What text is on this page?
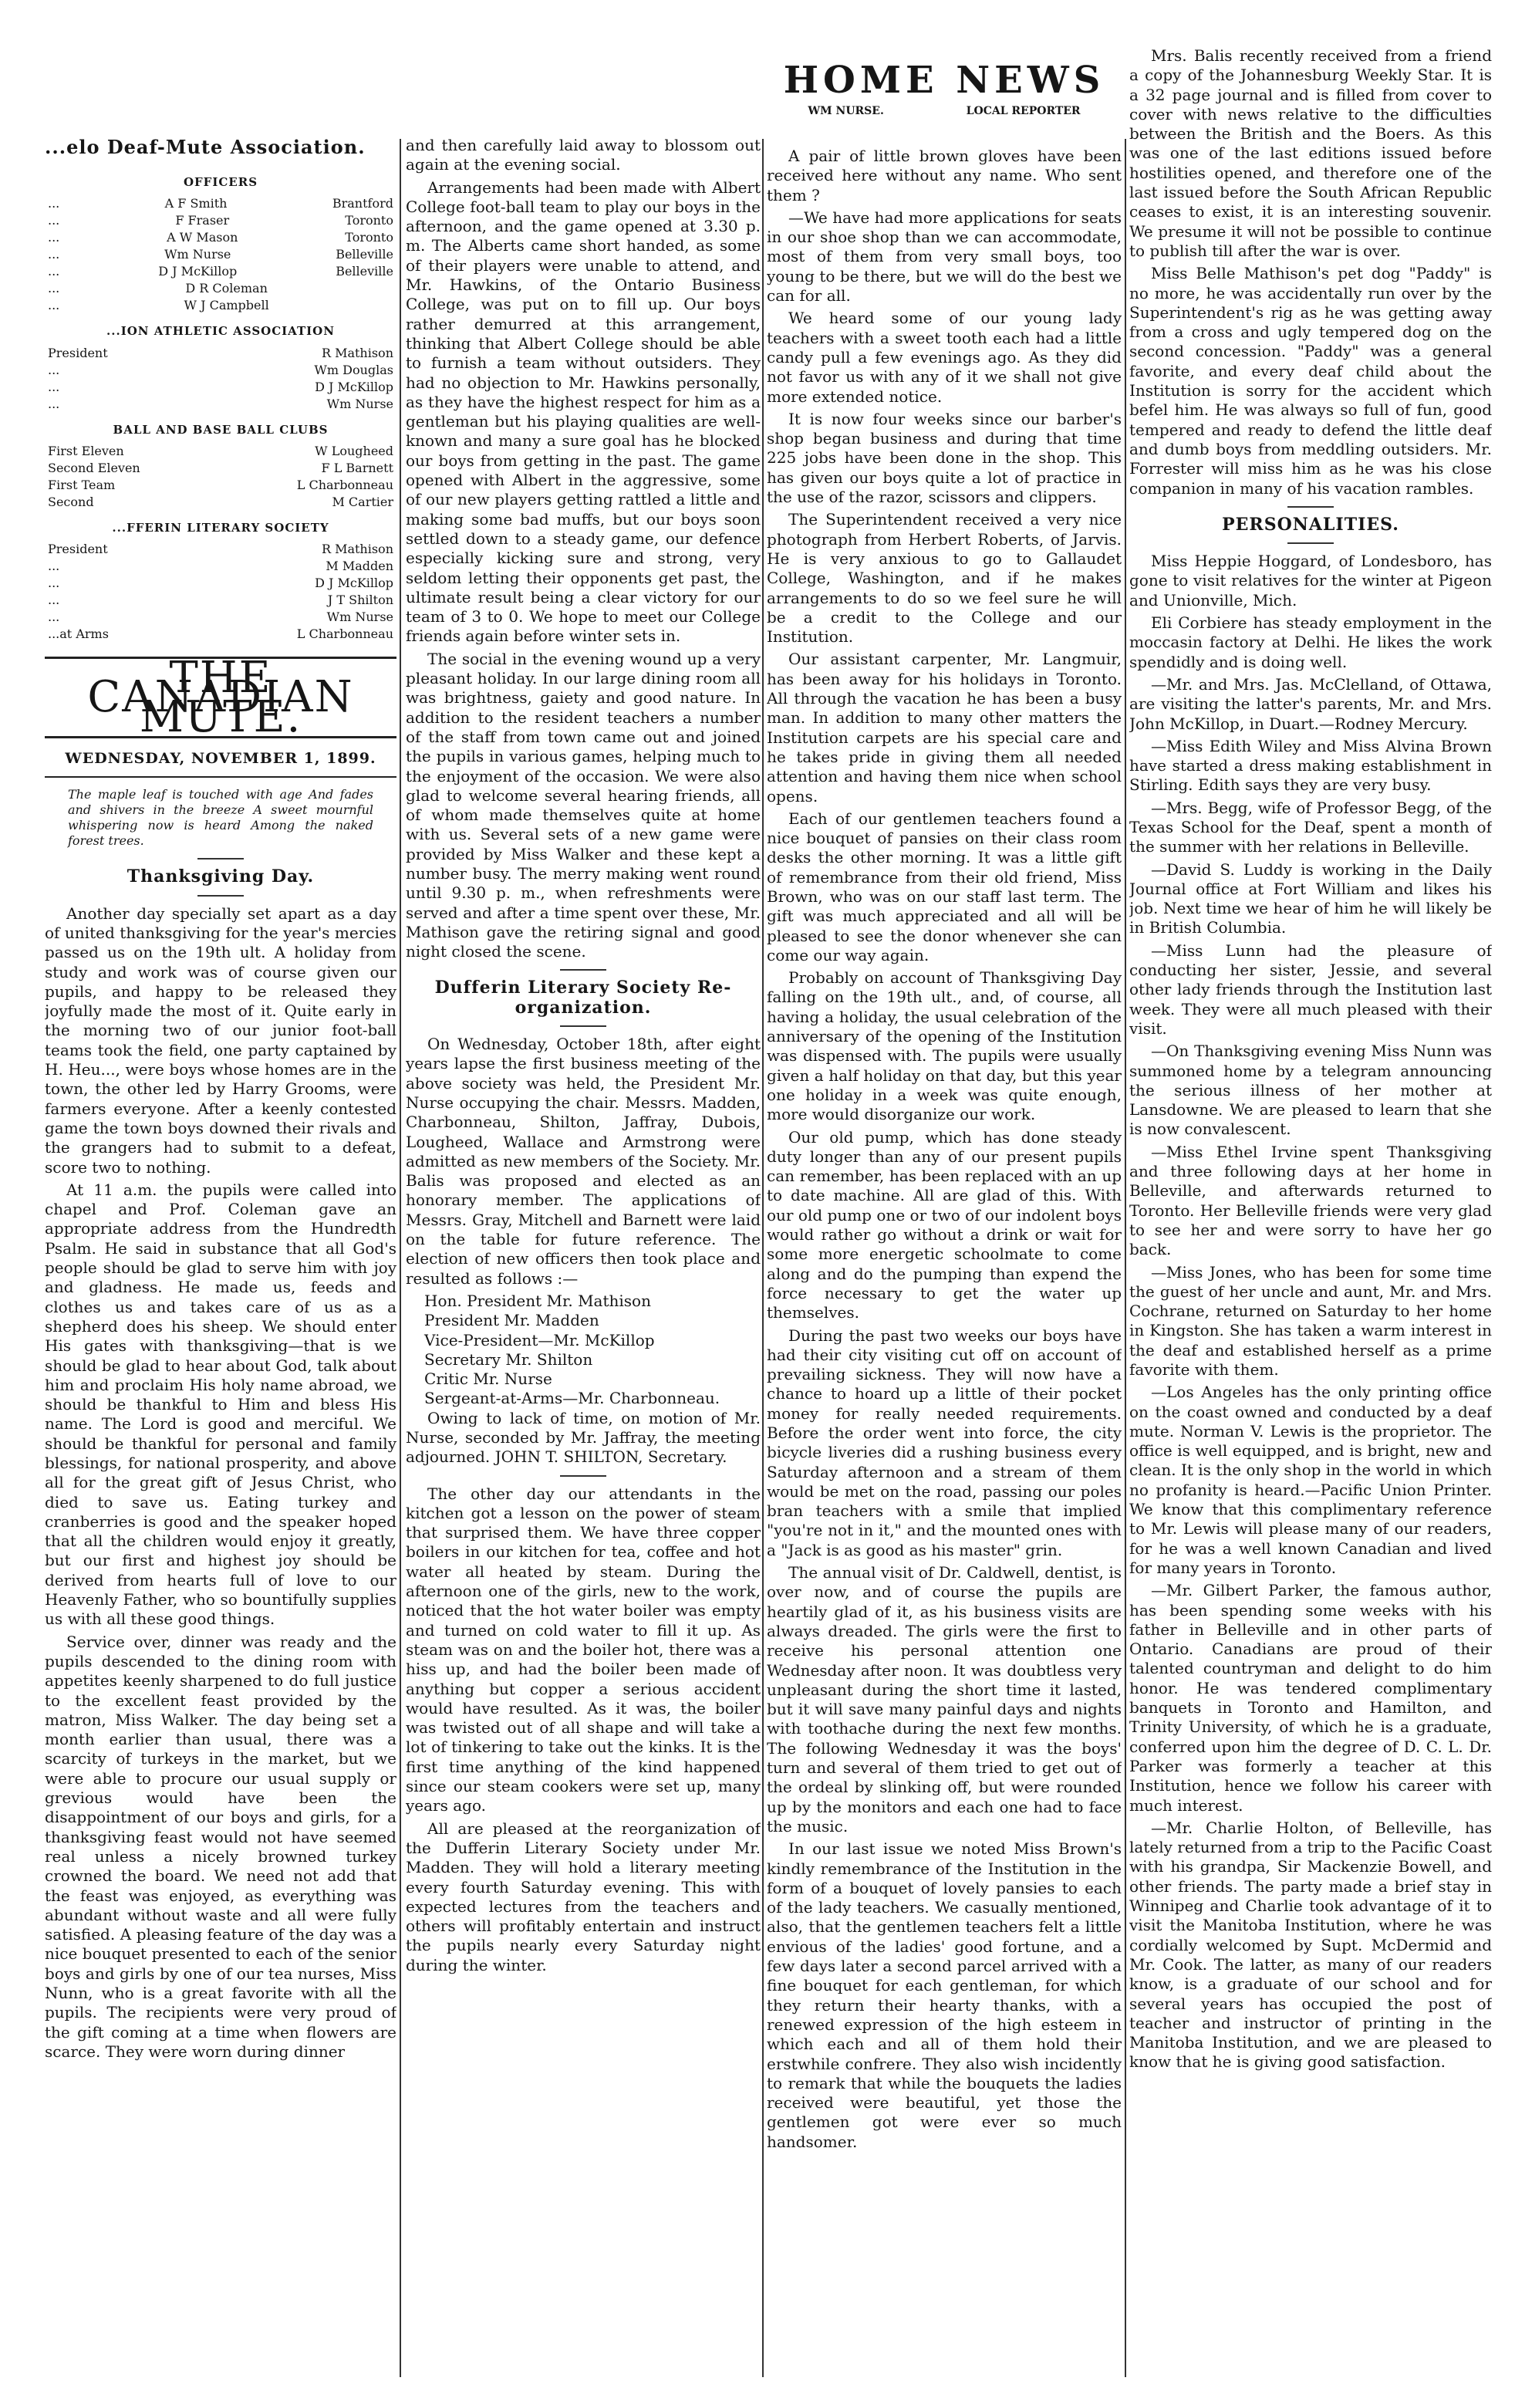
...elo Deaf-Mute Association.
OFFICERS
...	A F Smith	Brantford
...	F Fraser	Toronto
...	A W Mason	Toronto
...	Wm Nurse	Belleville
...	D J McKillop	Belleville
...	D R Coleman
...	W J Campbell
...ION ATHLETIC ASSOCIATION
President	R Mathison
...	Wm Douglas
...	D J McKillop
...	Wm Nurse
BALL AND BASE BALL CLUBS
First Eleven	W Lougheed
Second Eleven	F L Barnett
First Team	L Charbonneau
Second	M Cartier
...FFERIN LITERARY SOCIETY
President	R Mathison
...	M Madden
...	D J McKillop
...	J T Shilton
...	Wm Nurse
...at Arms	L Charbonneau
THE CANADIAN MUTE.
WEDNESDAY, NOVEMBER 1, 1899.
The maple leaf is touched with age And fades and shivers in the breeze A sweet mournful whispering now is heard Among the naked forest trees.
Thanksgiving Day.

Another day specially set apart as a day of united thanksgiving for the year's mercies passed us on the 19th ult. A holiday from study and work was of course given our pupils, and happy to be released they joyfully made the most of it. Quite early in the morning two of our junior foot-ball teams took the field, one party captained by H. Heu..., were boys whose homes are in the town, the other led by Harry Grooms, were farmers everyone. After a keenly contested game the town boys downed their rivals and the grangers had to submit to a defeat, score two to nothing.

At 11 a.m. the pupils were called into chapel and Prof. Coleman gave an appropriate address from the Hundredth Psalm. He said in substance that all God's people should be glad to serve him with joy and gladness. He made us, feeds and clothes us and takes care of us as a shepherd does his sheep. We should enter His gates with thanksgiving—that is we should be glad to hear about God, talk about him and proclaim His holy name abroad, we should be thankful to Him and bless His name. The Lord is good and merciful. We should be thankful for personal and family blessings, for national prosperity, and above all for the great gift of Jesus Christ, who died to save us. Eating turkey and cranberries is good and the speaker hoped that all the children would enjoy it greatly, but our first and highest joy should be derived from hearts full of love to our Heavenly Father, who so bountifully supplies us with all these good things.

Service over, dinner was ready and the pupils descended to the dining room with appetites keenly sharpened to do full justice to the excellent feast provided by the matron, Miss Walker. The day being set a month earlier than usual, there was a scarcity of turkeys in the market, but we were able to procure our usual supply or grevious would have been the disappointment of our boys and girls, for a thanksgiving feast would not have seemed real unless a nicely browned turkey crowned the board. We need not add that the feast was enjoyed, as everything was abundant without waste and all were fully satisfied. A pleasing feature of the day was a nice bouquet presented to each of the senior boys and girls by one of our tea nurses, Miss Nunn, who is a great favorite with all the pupils. The recipients were very proud of the gift coming at a time when flowers are scarce. They were worn during dinner

and then carefully laid away to blossom out again at the evening social.

Arrangements had been made with Albert College foot-ball team to play our boys in the afternoon, and the game opened at 3.30 p. m. The Alberts came short handed, as some of their players were unable to attend, and Mr. Hawkins, of the Ontario Business College, was put on to fill up. Our boys rather demurred at this arrangement, thinking that Albert College should be able to furnish a team without outsiders. They had no objection to Mr. Hawkins personally, as they have the highest respect for him as a gentleman but his playing qualities are well-known and many a sure goal has he blocked our boys from getting in the past. The game opened with Albert in the aggressive, some of our new players getting rattled a little and making some bad muffs, but our boys soon settled down to a steady game, our defence especially kicking sure and strong, very seldom letting their opponents get past, the ultimate result being a clear victory for our team of 3 to 0. We hope to meet our College friends again before winter sets in.

The social in the evening wound up a very pleasant holiday. In our large dining room all was brightness, gaiety and good nature. In addition to the resident teachers a number of the staff from town came out and joined the pupils in various games, helping much to the enjoyment of the occasion. We were also glad to welcome several hearing friends, all of whom made themselves quite at home with us. Several sets of a new game were provided by Miss Walker and these kept a number busy. The merry making went round until 9.30 p. m., when refreshments were served and after a time spent over these, Mr. Mathison gave the retiring signal and good night closed the scene.

Dufferin Literary Society Re-organization.

On Wednesday, October 18th, after eight years lapse the first business meeting of the above society was held, the President Mr. Nurse occupying the chair. Messrs. Madden, Charbonneau, Shilton, Jaffray, Dubois, Lougheed, Wallace and Armstrong were admitted as new members of the Society. Mr. Balis was proposed and elected as an honorary member. The applications of Messrs. Gray, Mitchell and Barnett were laid on the table for future reference. The election of new officers then took place and resulted as follows :—

Hon. President Mr. Mathison
President Mr. Madden
Vice-President—Mr. McKillop
Secretary Mr. Shilton
Critic Mr. Nurse
Sergeant-at-Arms—Mr. Charbonneau.

Owing to lack of time, on motion of Mr. Nurse, seconded by Mr. Jaffray, the meeting adjourned. JOHN T. SHILTON, Secretary.

The other day our attendants in the kitchen got a lesson on the power of steam that surprised them. We have three copper boilers in our kitchen for tea, coffee and hot water all heated by steam. During the afternoon one of the girls, new to the work, noticed that the hot water boiler was empty and turned on cold water to fill it up. As steam was on and the boiler hot, there was a hiss up, and had the boiler been made of anything but copper a serious accident would have resulted. As it was, the boiler was twisted out of all shape and will take a lot of tinkering to take out the kinks. It is the first time anything of the kind happened since our steam cookers were set up, many years ago.

All are pleased at the reorganization of the Dufferin Literary Society under Mr. Madden. They will hold a literary meeting every fourth Saturday evening. This with expected lectures from the teachers and others will profitably entertain and instruct the pupils nearly every Saturday night during the winter.

HOME NEWS
WM NURSE.	LOCAL REPORTER

A pair of little brown gloves have been received here without any name. Who sent them ?

—We have had more applications for seats in our shoe shop than we can accommodate, most of them from very small boys, too young to be there, but we will do the best we can for all.

We heard some of our young lady teachers with a sweet tooth each had a little candy pull a few evenings ago. As they did not favor us with any of it we shall not give more extended notice.

It is now four weeks since our barber's shop began business and during that time 225 jobs have been done in the shop. This has given our boys quite a lot of practice in the use of the razor, scissors and clippers.

The Superintendent received a very nice photograph from Herbert Roberts, of Jarvis. He is very anxious to go to Gallaudet College, Washington, and if he makes arrangements to do so we feel sure he will be a credit to the College and our Institution.

Our assistant carpenter, Mr. Langmuir, has been away for his holidays in Toronto. All through the vacation he has been a busy man. In addition to many other matters the Institution carpets are his special care and he takes pride in giving them all needed attention and having them nice when school opens.

Each of our gentlemen teachers found a nice bouquet of pansies on their class room desks the other morning. It was a little gift of remembrance from their old friend, Miss Brown, who was on our staff last term. The gift was much appreciated and all will be pleased to see the donor whenever she can come our way again.

Probably on account of Thanksgiving Day falling on the 19th ult., and, of course, all having a holiday, the usual celebration of the anniversary of the opening of the Institution was dispensed with. The pupils were usually given a half holiday on that day, but this year one holiday in a week was quite enough, more would disorganize our work.

Our old pump, which has done steady duty longer than any of our present pupils can remember, has been replaced with an up to date machine. All are glad of this. With our old pump one or two of our indolent boys would rather go without a drink or wait for some more energetic schoolmate to come along and do the pumping than expend the force necessary to get the water up themselves.

During the past two weeks our boys have had their city visiting cut off on account of prevailing sickness. They will now have a chance to hoard up a little of their pocket money for really needed requirements. Before the order went into force, the city bicycle liveries did a rushing business every Saturday afternoon and a stream of them would be met on the road, passing our poles bran teachers with a smile that implied "you're not in it," and the mounted ones with a "Jack is as good as his master" grin.

The annual visit of Dr. Caldwell, dentist, is over now, and of course the pupils are heartily glad of it, as his business visits are always dreaded. The girls were the first to receive his personal attention one Wednesday after noon. It was doubtless very unpleasant during the short time it lasted, but it will save many painful days and nights with toothache during the next few months. The following Wednesday it was the boys' turn and several of them tried to get out of the ordeal by slinking off, but were rounded up by the monitors and each one had to face the music.

In our last issue we noted Miss Brown's kindly remembrance of the Institution in the form of a bouquet of lovely pansies to each of the lady teachers. We casually mentioned, also, that the gentlemen teachers felt a little envious of the ladies' good fortune, and a few days later a second parcel arrived with a fine bouquet for each gentleman, for which they return their hearty thanks, with a renewed expression of the high esteem in which each and all of them hold their erstwhile confrere. They also wish incidently to remark that while the bouquets the ladies received were beautiful, yet those the gentlemen got were ever so much handsomer.

Mrs. Balis recently received from a friend a copy of the Johannesburg Weekly Star. It is a 32 page journal and is filled from cover to cover with news relative to the difficulties between the British and the Boers. As this was one of the last editions issued before hostilities opened, and therefore one of the last issued before the South African Republic ceases to exist, it is an interesting souvenir. We presume it will not be possible to continue to publish till after the war is over.

Miss Belle Mathison's pet dog "Paddy" is no more, he was accidentally run over by the Superintendent's rig as he was getting away from a cross and ugly tempered dog on the second concession. "Paddy" was a general favorite, and every deaf child about the Institution is sorry for the accident which befel him. He was always so full of fun, good tempered and ready to defend the little deaf and dumb boys from meddling outsiders. Mr. Forrester will miss him as he was his close companion in many of his vacation rambles.

PERSONALITIES.

Miss Heppie Hoggard, of Londesboro, has gone to visit relatives for the winter at Pigeon and Unionville, Mich.

Eli Corbiere has steady employment in the moccasin factory at Delhi. He likes the work spendidly and is doing well.

—Mr. and Mrs. Jas. McClelland, of Ottawa, are visiting the latter's parents, Mr. and Mrs. John McKillop, in Duart.—Rodney Mercury.

—Miss Edith Wiley and Miss Alvina Brown have started a dress making establishment in Stirling. Edith says they are very busy.

—Mrs. Begg, wife of Professor Begg, of the Texas School for the Deaf, spent a month of the summer with her relations in Belleville.

—David S. Luddy is working in the Daily Journal office at Fort William and likes his job. Next time we hear of him he will likely be in British Columbia.

—Miss Lunn had the pleasure of conducting her sister, Jessie, and several other lady friends through the Institution last week. They were all much pleased with their visit.

—On Thanksgiving evening Miss Nunn was summoned home by a telegram announcing the serious illness of her mother at Lansdowne. We are pleased to learn that she is now convalescent.

—Miss Ethel Irvine spent Thanksgiving and three following days at her home in Belleville, and afterwards returned to Toronto. Her Belleville friends were very glad to see her and were sorry to have her go back.

—Miss Jones, who has been for some time the guest of her uncle and aunt, Mr. and Mrs. Cochrane, returned on Saturday to her home in Kingston. She has taken a warm interest in the deaf and established herself as a prime favorite with them.

—Los Angeles has the only printing office on the coast owned and conducted by a deaf mute. Norman V. Lewis is the proprietor. The office is well equipped, and is bright, new and clean. It is the only shop in the world in which no profanity is heard.—Pacific Union Printer. We know that this complimentary reference to Mr. Lewis will please many of our readers, for he was a well known Canadian and lived for many years in Toronto.

—Mr. Gilbert Parker, the famous author, has been spending some weeks with his father in Belleville and in other parts of Ontario. Canadians are proud of their talented countryman and delight to do him honor. He was tendered complimentary banquets in Toronto and Hamilton, and Trinity University, of which he is a graduate, conferred upon him the degree of D. C. L. Dr. Parker was formerly a teacher at this Institution, hence we follow his career with much interest.

—Mr. Charlie Holton, of Belleville, has lately returned from a trip to the Pacific Coast with his grandpa, Sir Mackenzie Bowell, and other friends. The party made a brief stay in Winnipeg and Charlie took advantage of it to visit the Manitoba Institution, where he was cordially welcomed by Supt. McDermid and Mr. Cook. The latter, as many of our readers know, is a graduate of our school and for several years has occupied the post of teacher and instructor of printing in the Manitoba Institution, and we are pleased to know that he is giving good satisfaction.
